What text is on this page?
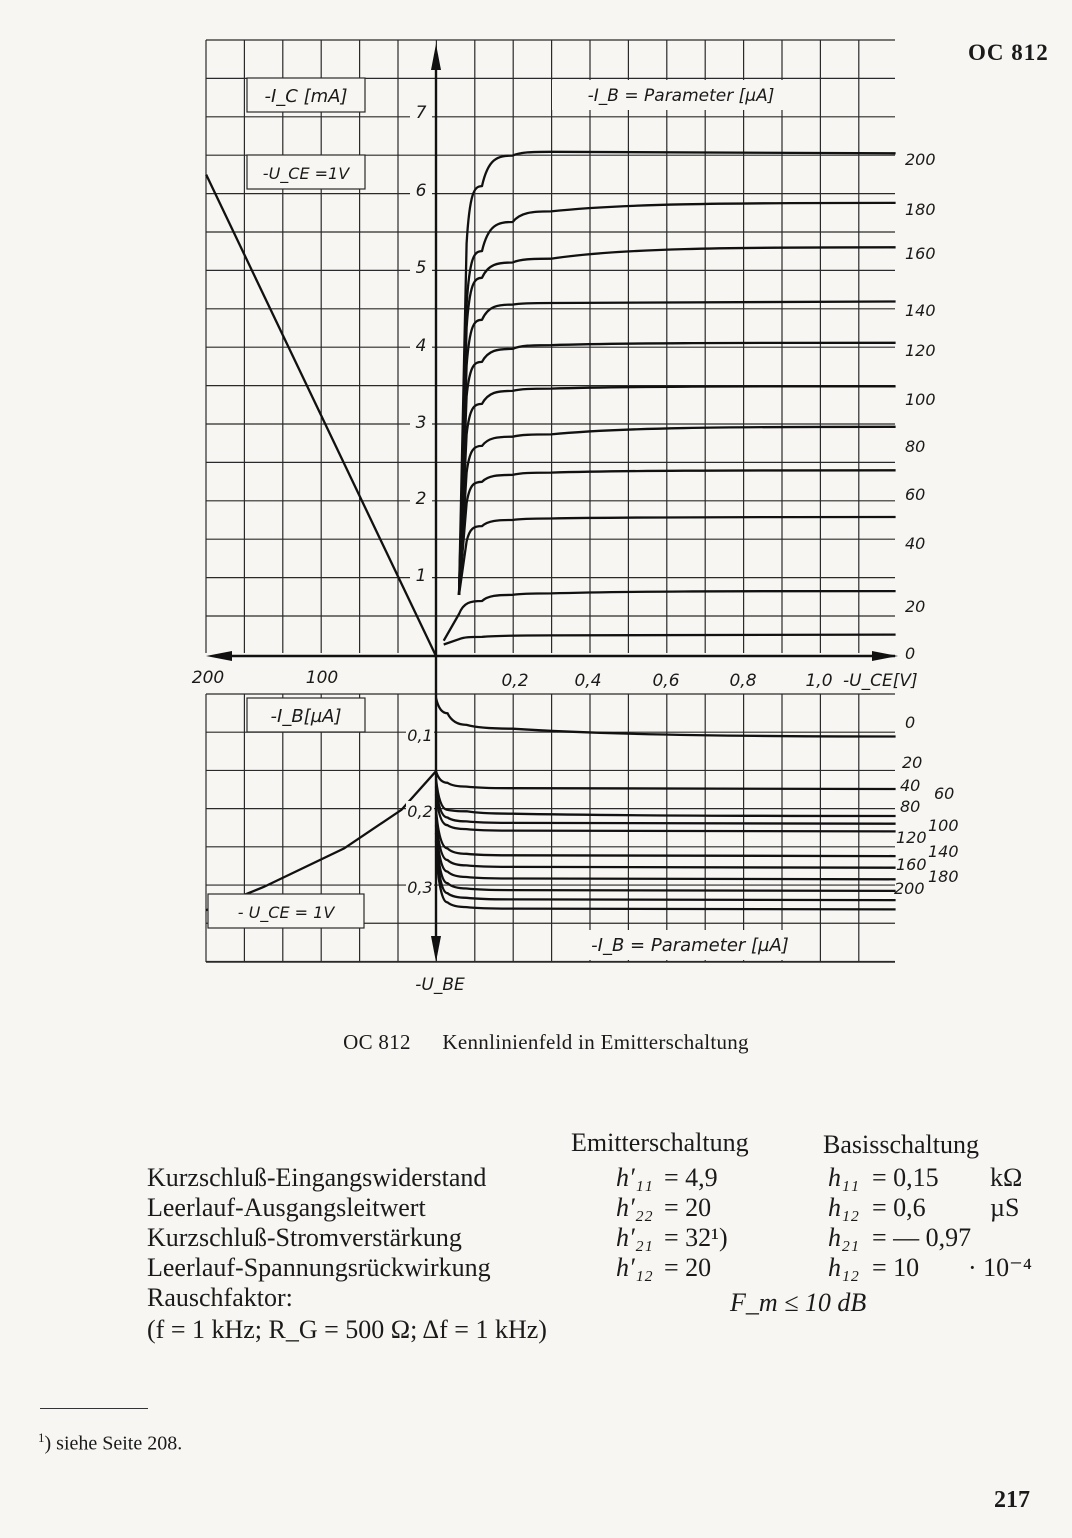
OC 812
1
2
3
4
5
6
7
0,2	0,4	0,6	0,8	1,0
200	100
0,1
0,2
0,3
200
180
160
140
120
100
80
60
40
20
0
0
20
40 60
80
100
120
140
160
180
200
-I_C [mA]
-U_CE =1V
-I_B[µA]
- U_CE = 1V
-I_B = Parameter [µA]
-I_B = Parameter [µA]
-U_CE[V]
-U_BE
OC 812 Kennlinienfeld in Emitterschaltung
Emitterschaltung	Basisschaltung
Kurzschluß-Eingangswiderstand	h′₁₁ = 4,9	h₁₁ = 0,15 kΩ
Leerlauf-Ausgangsleitwert	h′₂₂ = 20	h₁₂ = 0,6 µS
Kurzschluß-Stromverstärkung	h′₂₁ = 32¹)	h₂₁ = — 0,97
Leerlauf-Spannungsrückwirkung	h′₁₂ = 20	h₁₂ = 10 · 10⁻⁴
Rauschfaktor:	F_m ≤ 10 dB
(f = 1 kHz; R_G = 500 Ω; Δf = 1 kHz)
$^1$) siehe Seite 208.
217
